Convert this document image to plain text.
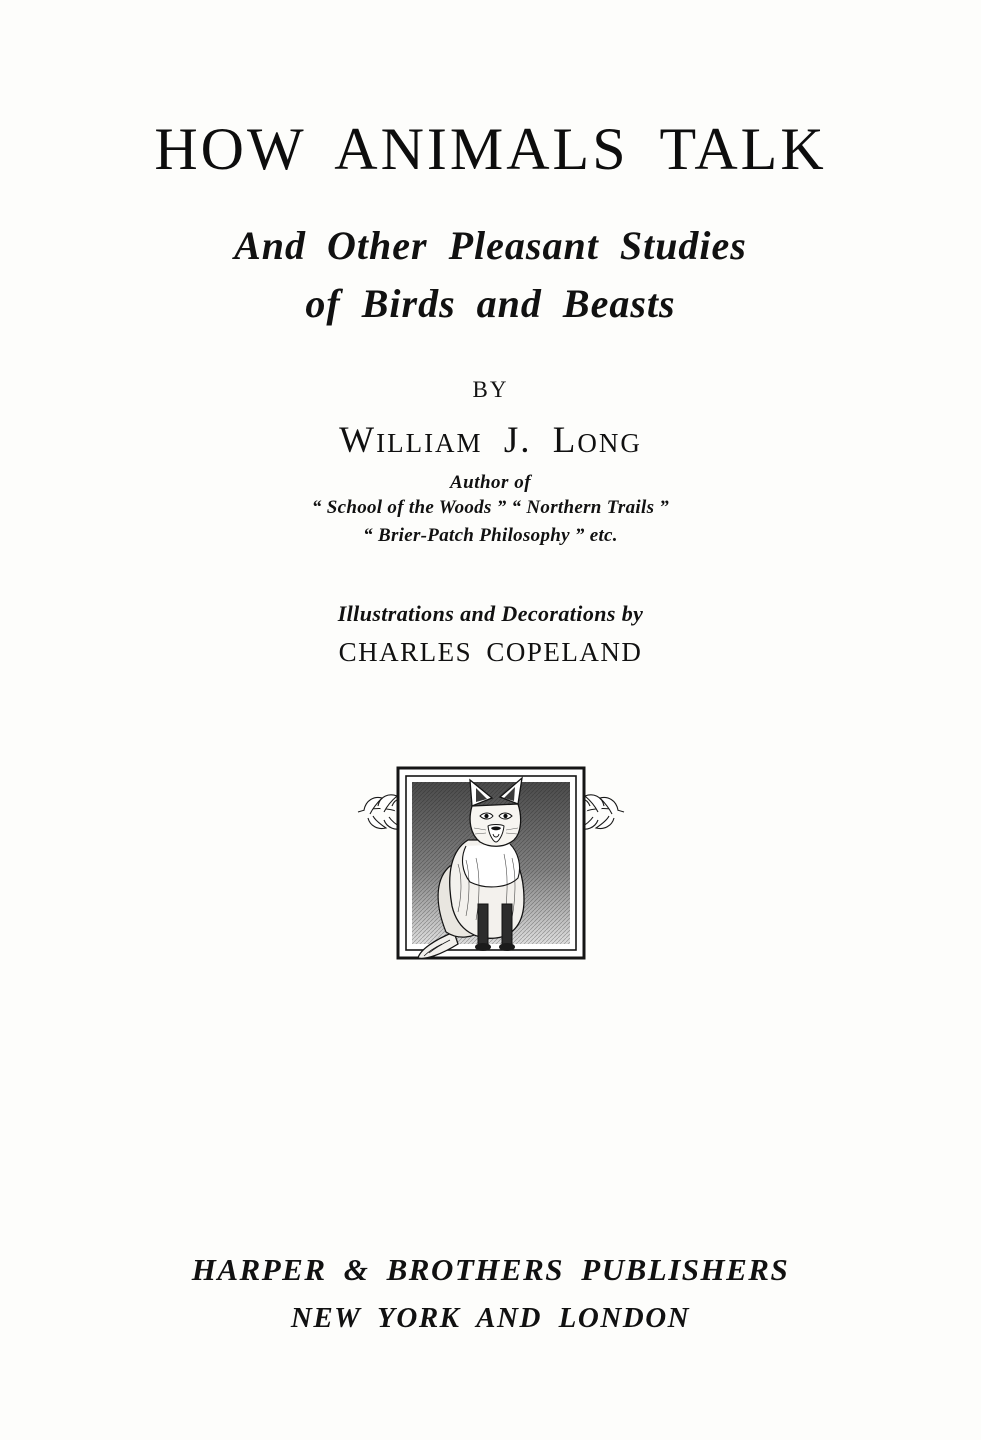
HOW ANIMALS TALK
And Other Pleasant Studies
of Birds and Beasts
BY
WILLIAM J. LONG
Author of
“ School of the Woods ” “ Northern Trails ”
“ Brier-Patch Philosophy ” etc.
Illustrations and Decorations by
CHARLES COPELAND
HARPER & BROTHERS PUBLISHERS
NEW YORK AND LONDON
